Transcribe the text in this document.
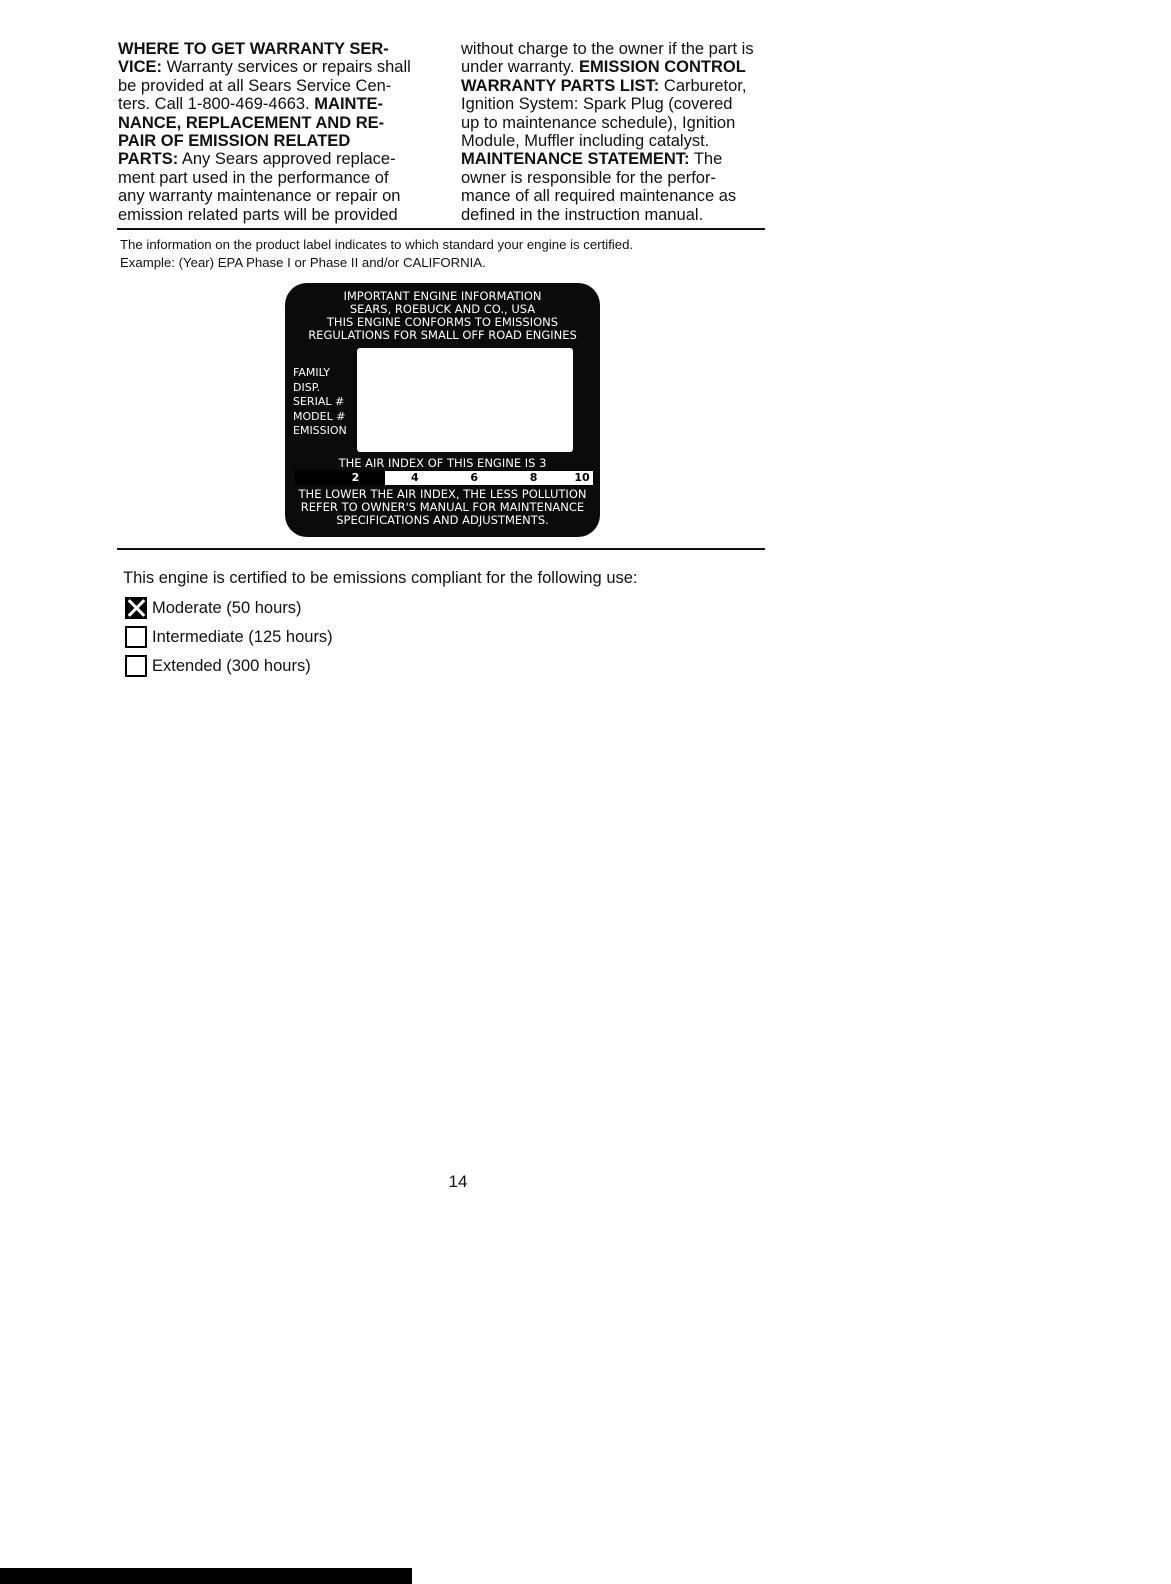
WHERE TO GET WARRANTY SER-
VICE: Warranty services or repairs shall
be provided at all Sears Service Cen-
ters. Call 1-800-469-4663. MAINTE-
NANCE, REPLACEMENT AND RE-
PAIR OF EMISSION RELATED
PARTS: Any Sears approved replace-
ment part used in the performance of
any warranty maintenance or repair on
emission related parts will be provided

without charge to the owner if the part is
under warranty. EMISSION CONTROL
WARRANTY PARTS LIST: Carburetor,
Ignition System: Spark Plug (covered
up to maintenance schedule), Ignition
Module, Muffler including catalyst.
MAINTENANCE STATEMENT: The
owner is responsible for the perfor-
mance of all required maintenance as
defined in the instruction manual.

The information on the product label indicates to which standard your engine is certified.
Example: (Year) EPA Phase I or Phase II and/or CALIFORNIA.
IMPORTANT ENGINE INFORMATION
SEARS, ROEBUCK AND CO., USA
THIS ENGINE CONFORMS TO EMISSIONS
REGULATIONS FOR SMALL OFF ROAD ENGINES
FAMILY
DISP.
SERIAL #
MODEL #
EMISSION
THE AIR INDEX OF THIS ENGINE IS 3
0	2	4	6	8	10
THE LOWER THE AIR INDEX, THE LESS POLLUTION
REFER TO OWNER'S MANUAL FOR MAINTENANCE
SPECIFICATIONS AND ADJUSTMENTS.
This engine is certified to be emissions compliant for the following use:
Moderate (50 hours)
Intermediate (125 hours)
Extended (300 hours)
14
